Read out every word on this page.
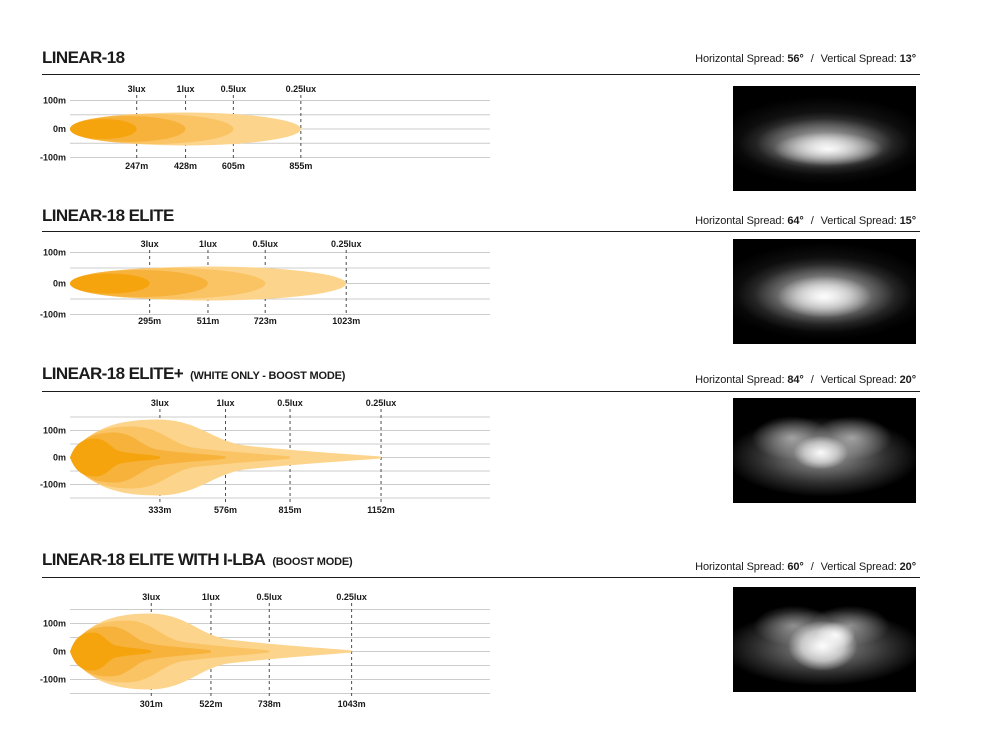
LINEAR-18	Horizontal Spread: 56° / Vertical Spread: 13°
3lux
247m
1lux
428m
0.5lux
605m
0.25lux
855m
100m
0m
-100m
LINEAR-18 ELITE	Horizontal Spread: 64° / Vertical Spread: 15°
3lux
295m
1lux
511m
0.5lux
723m
0.25lux
1023m
100m
0m
-100m
LINEAR-18 ELITE+ (WHITE ONLY - BOOST MODE)	Horizontal Spread: 84° / Vertical Spread: 20°
3lux
333m
1lux
576m
0.5lux
815m
0.25lux
1152m
100m
0m
-100m
LINEAR-18 ELITE WITH I-LBA (BOOST MODE)	Horizontal Spread: 60° / Vertical Spread: 20°
3lux
301m
1lux
522m
0.5lux
738m
0.25lux
1043m
100m
0m
-100m
